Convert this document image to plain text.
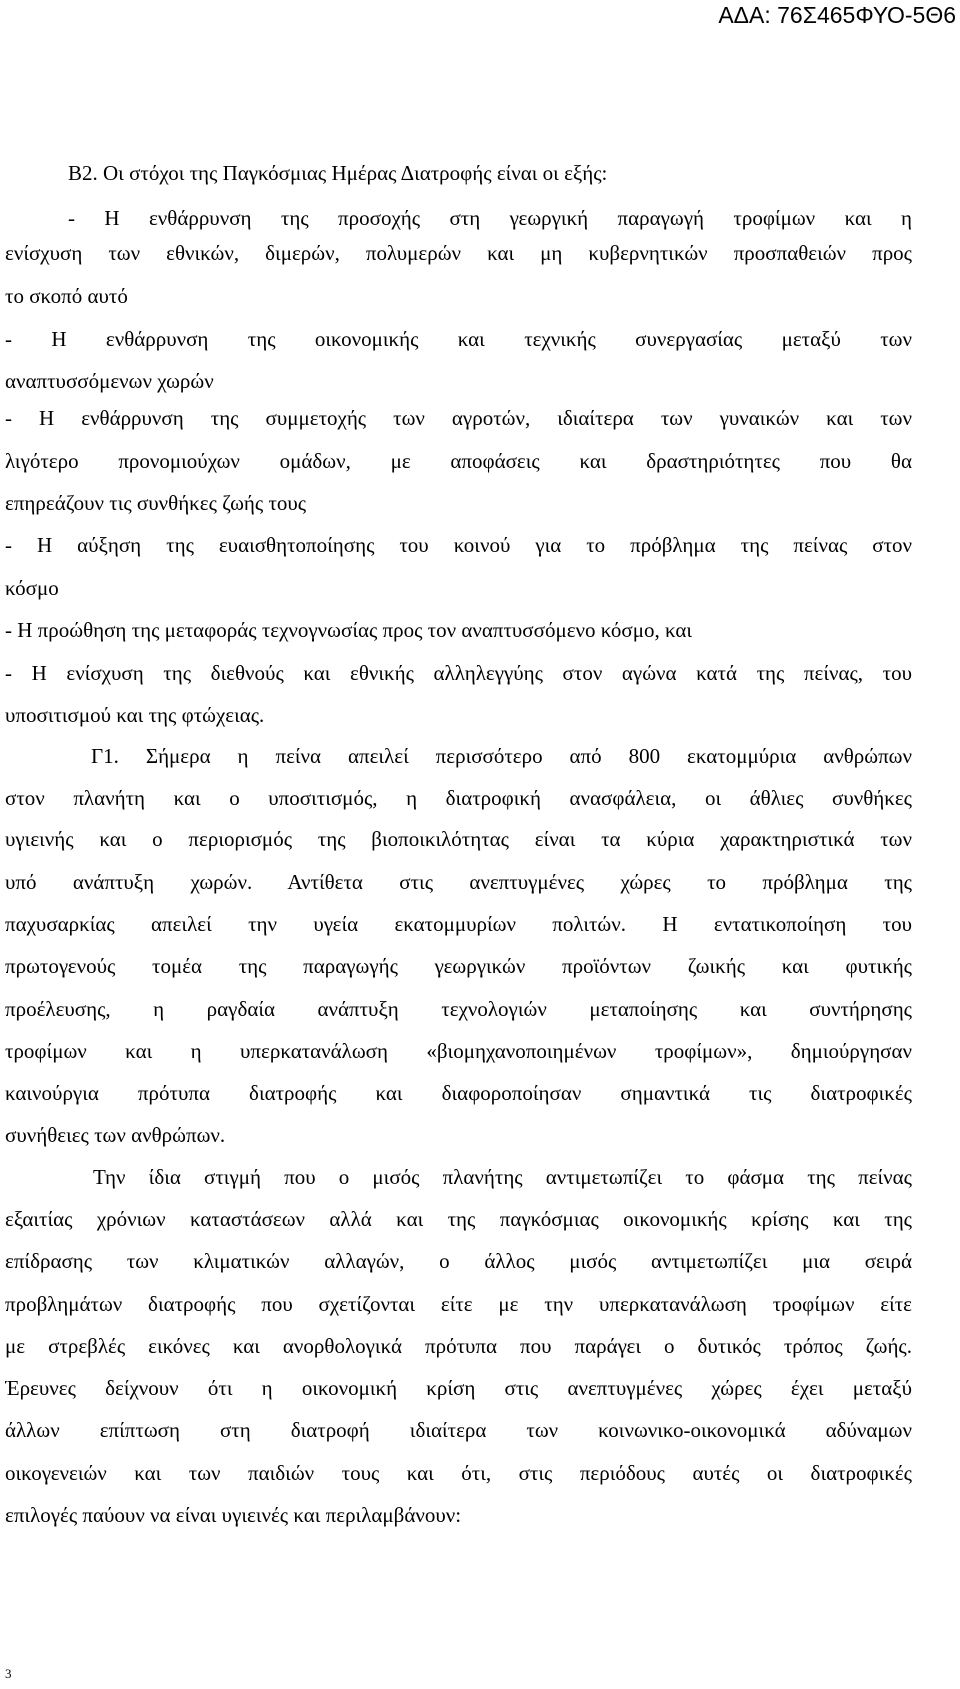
ΑΔΑ: 76Σ465ΦΥΟ-5Θ6
Β2. Οι στόχοι της Παγκόσμιας Ημέρας Διατροφής είναι οι εξής:
- Η ενθάρρυνση της προσοχής στη γεωργική παραγωγή τροφίμων και η
ενίσχυση των εθνικών, διμερών, πολυμερών και μη κυβερνητικών προσπαθειών προς
το σκοπό αυτό
- Η ενθάρρυνση της οικονομικής και τεχνικής συνεργασίας μεταξύ των
αναπτυσσόμενων χωρών
- Η ενθάρρυνση της συμμετοχής των αγροτών, ιδιαίτερα των γυναικών και των
λιγότερο προνομιούχων ομάδων, με αποφάσεις και δραστηριότητες που θα
επηρεάζουν τις συνθήκες ζωής τους
- Η αύξηση της ευαισθητοποίησης του κοινού για το πρόβλημα της πείνας στον
κόσμο
- Η προώθηση της μεταφοράς τεχνογνωσίας προς τον αναπτυσσόμενο κόσμο, και
- Η ενίσχυση της διεθνούς και εθνικής αλληλεγγύης στον αγώνα κατά της πείνας, του
υποσιτισμού και της φτώχειας.
Γ1. Σήμερα η πείνα απειλεί περισσότερο από 800 εκατομμύρια ανθρώπων
στον πλανήτη και ο υποσιτισμός, η διατροφική ανασφάλεια, οι άθλιες συνθήκες
υγιεινής και ο περιορισμός της βιοποικιλότητας είναι τα κύρια χαρακτηριστικά των
υπό ανάπτυξη χωρών. Αντίθετα στις ανεπτυγμένες χώρες το πρόβλημα της
παχυσαρκίας απειλεί την υγεία εκατομμυρίων πολιτών. Η εντατικοποίηση του
πρωτογενούς τομέα της παραγωγής γεωργικών προϊόντων ζωικής και φυτικής
προέλευσης, η ραγδαία ανάπτυξη τεχνολογιών μεταποίησης και συντήρησης
τροφίμων και η υπερκατανάλωση «βιομηχανοποιημένων τροφίμων», δημιούργησαν
καινούργια πρότυπα διατροφής και διαφοροποίησαν σημαντικά τις διατροφικές
συνήθειες των ανθρώπων.
Την ίδια στιγμή που ο μισός πλανήτης αντιμετωπίζει το φάσμα της πείνας
εξαιτίας χρόνιων καταστάσεων αλλά και της παγκόσμιας οικονομικής κρίσης και της
επίδρασης των κλιματικών αλλαγών, ο άλλος μισός αντιμετωπίζει μια σειρά
προβλημάτων διατροφής που σχετίζονται είτε με την υπερκατανάλωση τροφίμων είτε
με στρεβλές εικόνες και ανορθολογικά πρότυπα που παράγει ο δυτικός τρόπος ζωής.
Έρευνες δείχνουν ότι η οικονομική κρίση στις ανεπτυγμένες χώρες έχει μεταξύ
άλλων επίπτωση στη διατροφή ιδιαίτερα των κοινωνικο-οικονομικά αδύναμων
οικογενειών και των παιδιών τους και ότι, στις περιόδους αυτές οι διατροφικές
επιλογές παύουν να είναι υγιεινές και περιλαμβάνουν:
3
